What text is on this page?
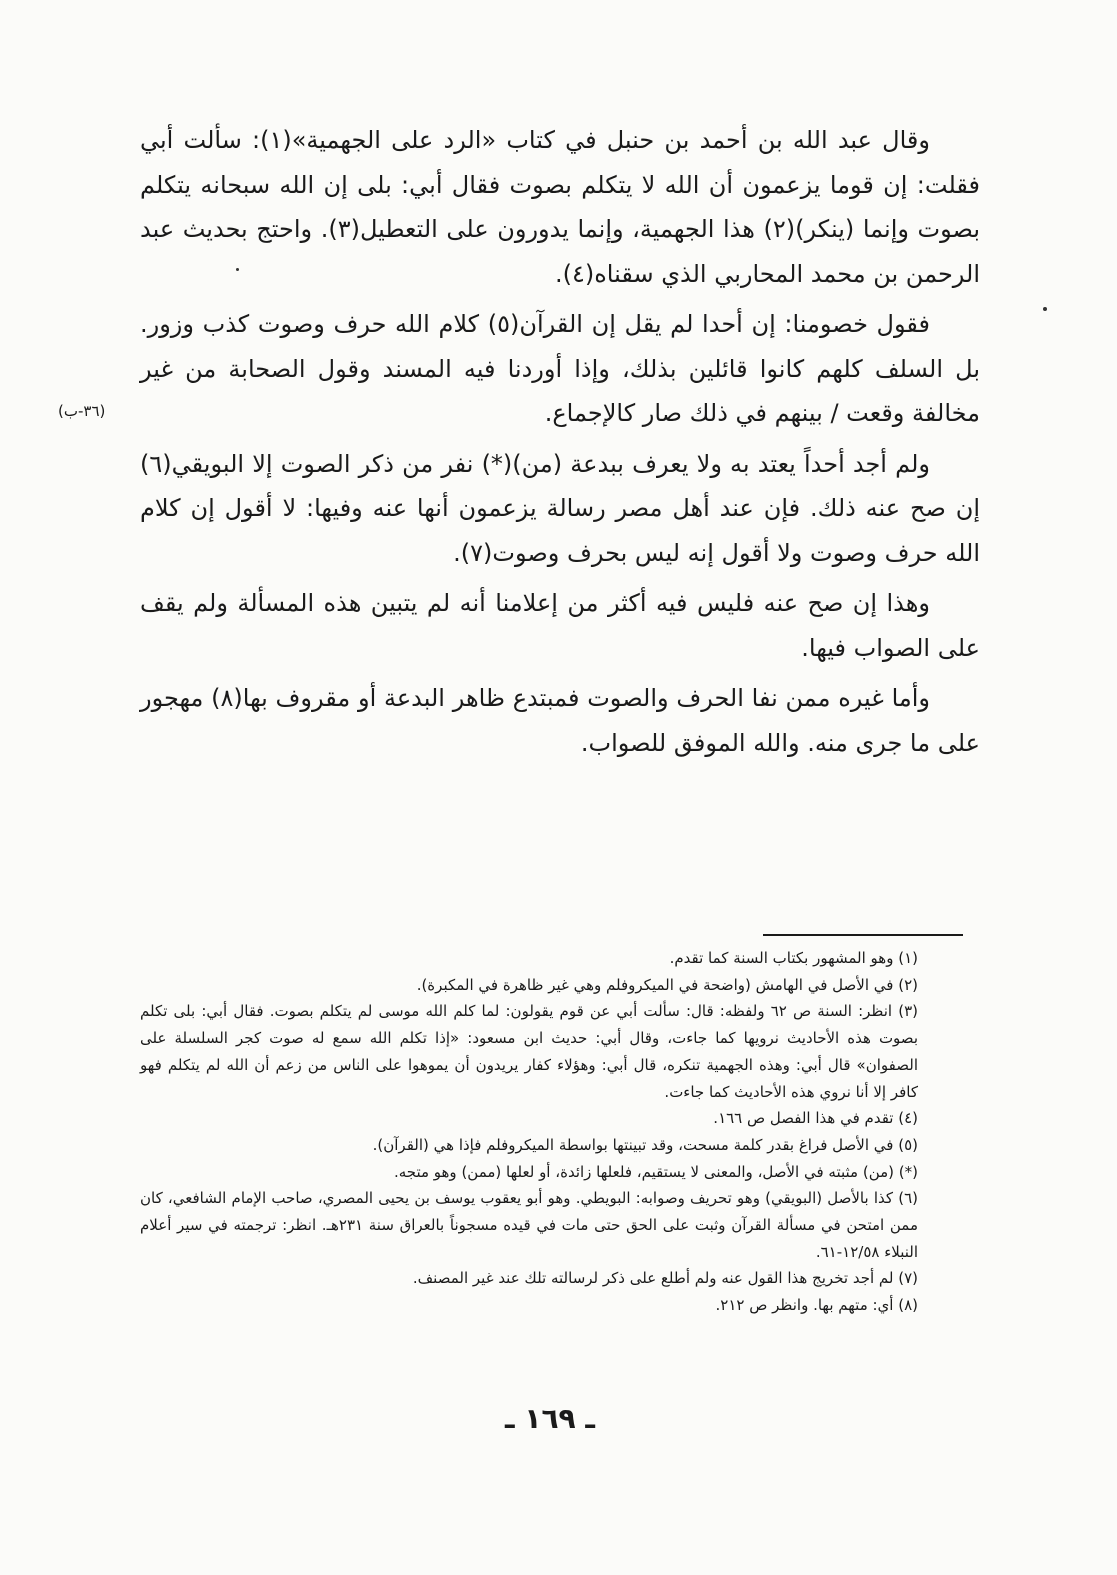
وقال عبد الله بن أحمد بن حنبل في كتاب «الرد على الجهمية»(١): سألت أبي فقلت: إن قوما يزعمون أن الله لا يتكلم بصوت فقال أبي: بلى إن الله سبحانه يتكلم بصوت وإنما (ينكر)(٢) هذا الجهمية، وإنما يدورون على التعطيل(٣). واحتج بحديث عبد الرحمن بن محمد المحاربي الذي سقناه(٤).

فقول خصومنا: إن أحدا لم يقل إن القرآن(٥) كلام الله حرف وصوت كذب وزور. بل السلف كلهم كانوا قائلين بذلك، وإذا أوردنا فيه المسند وقول الصحابة من غير مخالفة وقعت / بينهم في ذلك صار كالإجماع.

ولم أجد أحداً يعتد به ولا يعرف ببدعة (من)(*) نفر من ذكر الصوت إلا البويقي(٦) إن صح عنه ذلك. فإن عند أهل مصر رسالة يزعمون أنها عنه وفيها: لا أقول إن كلام الله حرف وصوت ولا أقول إنه ليس بحرف وصوت(٧).

وهذا إن صح عنه فليس فيه أكثر من إعلامنا أنه لم يتبين هذه المسألة ولم يقف على الصواب فيها.

وأما غيره ممن نفا الحرف والصوت فمبتدع ظاهر البدعة أو مقروف بها(٨) مهجور على ما جرى منه. والله الموفق للصواب.

(٣٦-ب)

(١) وهو المشهور بكتاب السنة كما تقدم.

(٢) في الأصل في الهامش (واضحة في الميكروفلم وهي غير ظاهرة في المكبرة).

(٣) انظر: السنة ص ٦٢ ولفظه: قال: سألت أبي عن قوم يقولون: لما كلم الله موسى لم يتكلم بصوت. فقال أبي: بلى تكلم بصوت هذه الأحاديث نرويها كما جاءت، وقال أبي: حديث ابن مسعود: «إذا تكلم الله سمع له صوت كجر السلسلة على الصفوان» قال أبي: وهذه الجهمية تنكره، قال أبي: وهؤلاء كفار يريدون أن يموهوا على الناس من زعم أن الله لم يتكلم فهو كافر إلا أنا نروي هذه الأحاديث كما جاءت.

(٤) تقدم في هذا الفصل ص ١٦٦.

(٥) في الأصل فراغ بقدر كلمة مسحت، وقد تبينتها بواسطة الميكروفلم فإذا هي (القرآن).

(*) (من) مثبته في الأصل، والمعنى لا يستقيم، فلعلها زائدة، أو لعلها (ممن) وهو متجه.

(٦) كذا بالأصل (البويقي) وهو تحريف وصوابه: البويطي. وهو أبو يعقوب يوسف بن يحيى المصري، صاحب الإمام الشافعي، كان ممن امتحن في مسألة القرآن وثبت على الحق حتى مات في قيده مسجوناً بالعراق سنة ٢٣١هـ. انظر: ترجمته في سير أعلام النبلاء ١٢/٥٨-٦١.

(٧) لم أجد تخريج هذا القول عنه ولم أطلع على ذكر لرسالته تلك عند غير المصنف.

(٨) أي: متهم بها. وانظر ص ٢١٢.

ـ ١٦٩ ـ
